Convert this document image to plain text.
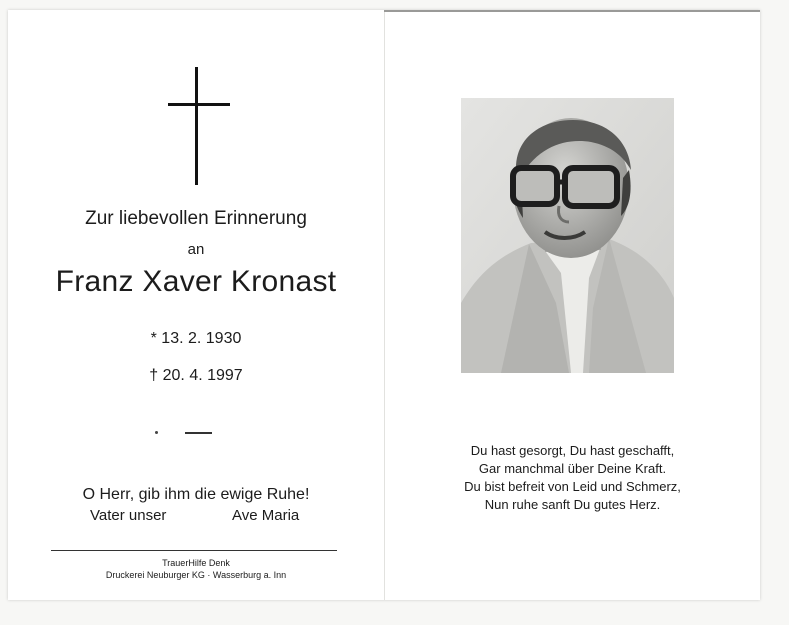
Zur liebevollen Erinnerung
an
Franz Xaver Kronast
* 13. 2. 1930
† 20. 4. 1997
O Herr, gib ihm die ewige Ruhe!
Vater unser	Ave Maria
TrauerHilfe Denk
Druckerei Neuburger KG · Wasserburg a. Inn
Du hast gesorgt, Du hast geschafft,
Gar manchmal über Deine Kraft.
Du bist befreit von Leid und Schmerz,
Nun ruhe sanft Du gutes Herz.
